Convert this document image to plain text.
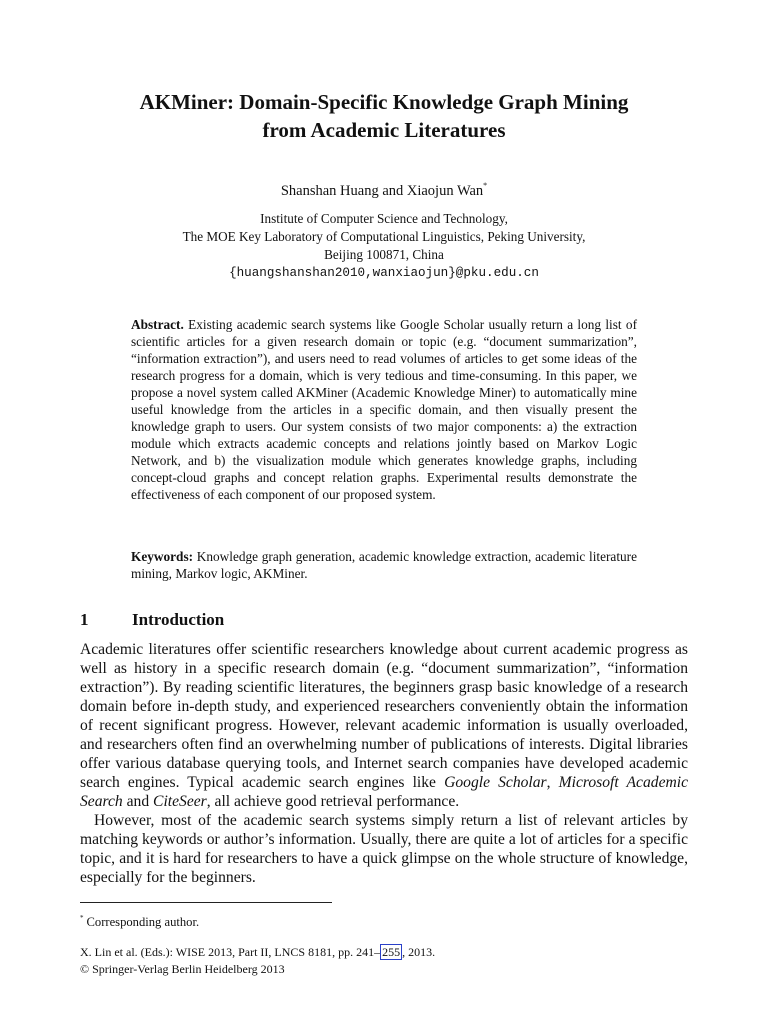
AKMiner: Domain-Specific Knowledge Graph Mining
from Academic Literatures
Shanshan Huang and Xiaojun Wan*
Institute of Computer Science and Technology,
The MOE Key Laboratory of Computational Linguistics, Peking University,
Beijing 100871, China
{huangshanshan2010,wanxiaojun}@pku.edu.cn

Abstract. Existing academic search systems like Google Scholar usually return a long list of scientific articles for a given research domain or topic (e.g. “document summarization”, “information extraction”), and users need to read volumes of articles to get some ideas of the research progress for a domain, which is very tedious and time-consuming. In this paper, we propose a novel system called AKMiner (Academic Knowledge Miner) to automatically mine useful knowledge from the articles in a specific domain, and then visually present the knowledge graph to users. Our system consists of two major components: a) the extraction module which extracts academic concepts and relations jointly based on Markov Logic Network, and b) the visualization module which generates knowledge graphs, including concept-cloud graphs and concept relation graphs. Experimental results demonstrate the effectiveness of each component of our proposed system.

Keywords: Knowledge graph generation, academic knowledge extraction, academic literature mining, Markov logic, AKMiner.

1	Introduction

Academic literatures offer scientific researchers knowledge about current academic progress as well as history in a specific research domain (e.g. “document summarization”, “information extraction”). By reading scientific literatures, the beginners grasp basic knowledge of a research domain before in-depth study, and experienced researchers conveniently obtain the information of recent significant progress. However, relevant academic information is usually overloaded, and researchers often find an overwhelming number of publications of interests. Digital libraries offer various database querying tools, and Internet search companies have developed academic search engines. Typical academic search engines like Google Scholar, Microsoft Academic Search and CiteSeer, all achieve good retrieval performance.

However, most of the academic search systems simply return a list of relevant articles by matching keywords or author’s information. Usually, there are quite a lot of articles for a specific topic, and it is hard for researchers to have a quick glimpse on the whole structure of knowledge, especially for the beginners.

* Corresponding author.
X. Lin et al. (Eds.): WISE 2013, Part II, LNCS 8181, pp. 241– 255 , 2013.
© Springer-Verlag Berlin Heidelberg 2013
